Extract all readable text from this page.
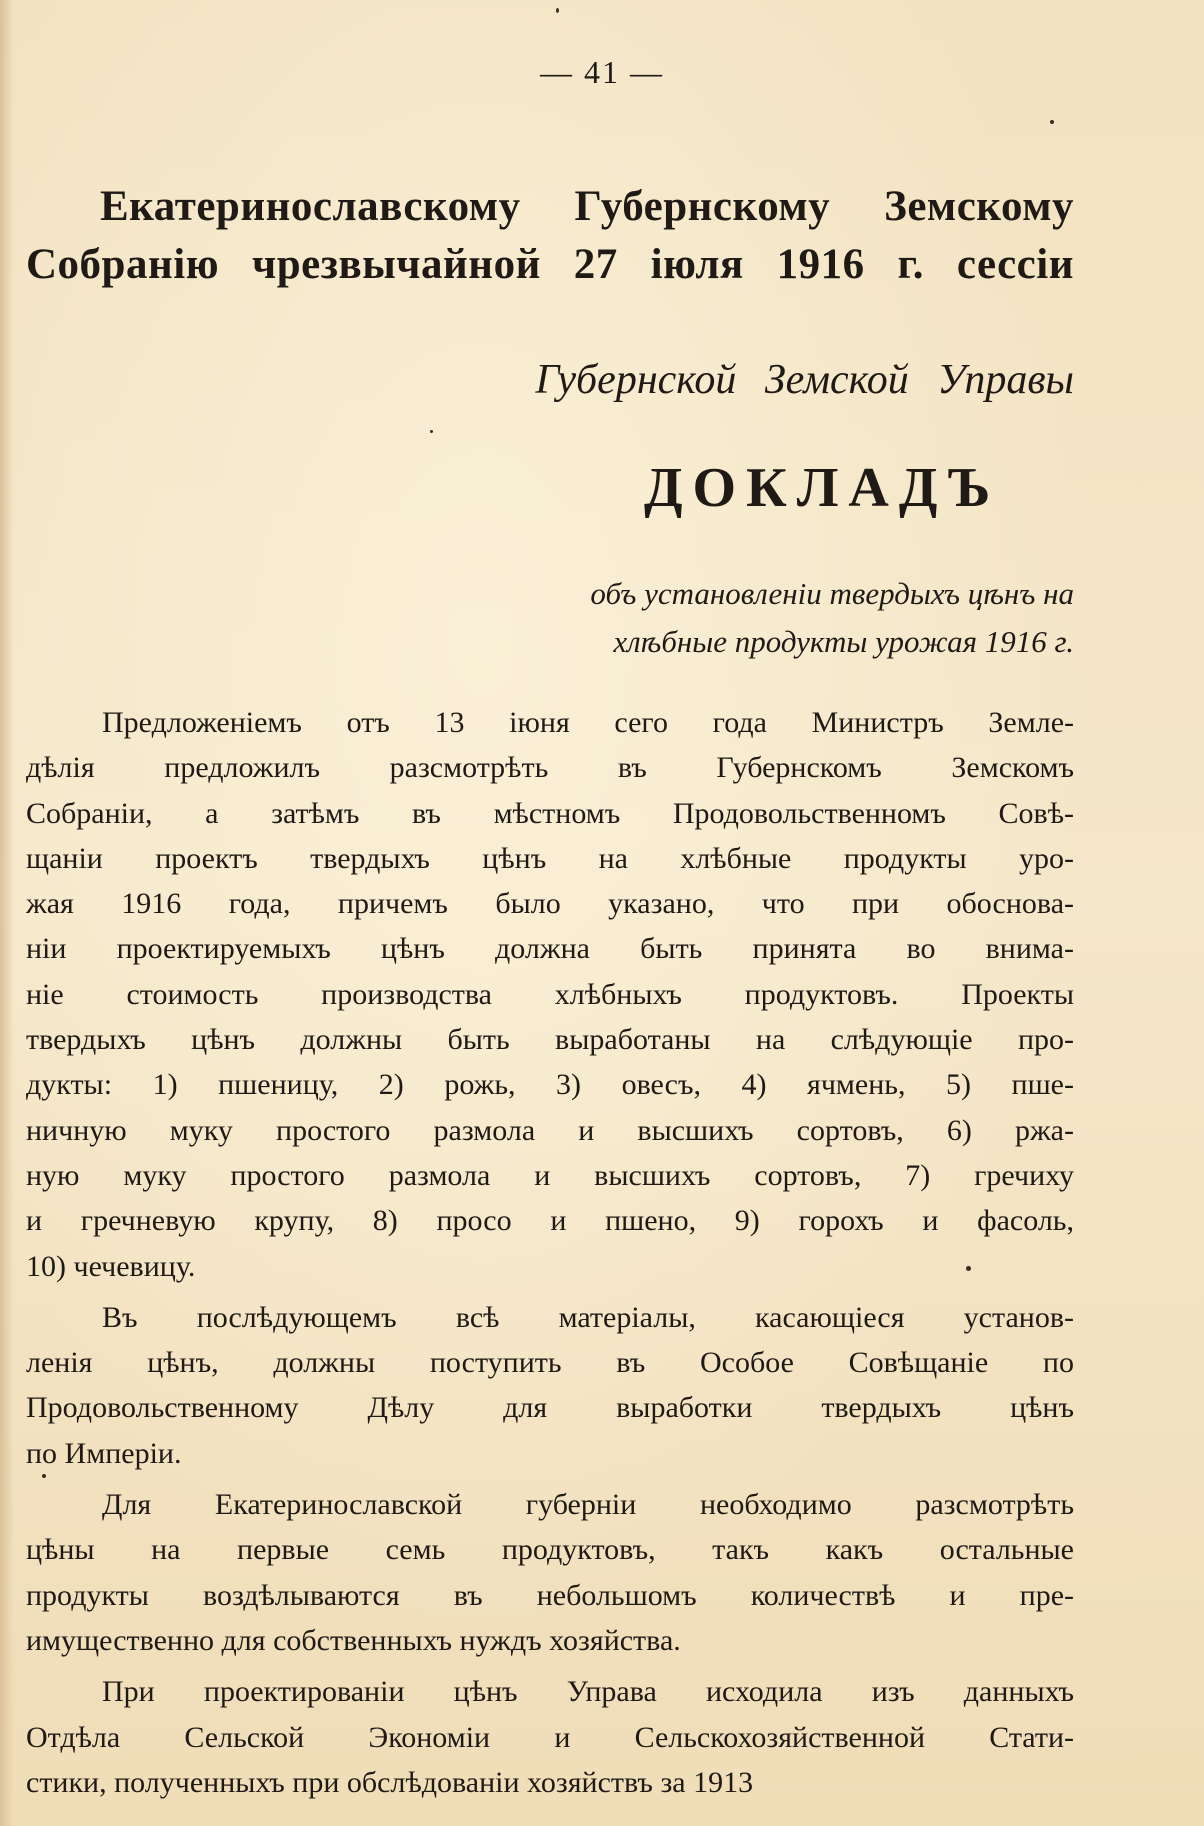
— 41 —
Екатеринославскому Губернскому Земскому
Собранію чрезвычайной 27 іюля 1916 г. сессіи
Губернской Земской Управы
ДОКЛАДЪ
объ установленіи твердыхъ цѣнъ на
хлѣбные продукты урожая 1916 г.

Предложеніемъ отъ 13 іюня сего года Министръ Земле-
дѣлія предложилъ разсмотрѣть въ Губернскомъ Земскомъ
Собраніи, а затѣмъ въ мѣстномъ Продовольственномъ Совѣ-
щаніи проектъ твердыхъ цѣнъ на хлѣбные продукты уро-
жая 1916 года, причемъ было указано, что при обоснова-
ніи проектируемыхъ цѣнъ должна быть принята во внима-
ніе стоимость производства хлѣбныхъ продуктовъ. Проекты
твердыхъ цѣнъ должны быть выработаны на слѣдующіе про-
дукты: 1) пшеницу, 2) рожь, 3) овесъ, 4) ячмень, 5) пше-
ничную муку простого размола и высшихъ сортовъ, 6) ржа-
ную муку простого размола и высшихъ сортовъ, 7) гречиху
и гречневую крупу, 8) просо и пшено, 9) горохъ и фасоль,
10) чечевицу.

Въ послѣдующемъ всѣ матеріалы, касающіеся установ-
ленія цѣнъ, должны поступить въ Особое Совѣщаніе по
Продовольственному Дѣлу для выработки твердыхъ цѣнъ
по Имперіи.

Для Екатеринославской губерніи необходимо разсмотрѣть
цѣны на первые семь продуктовъ, такъ какъ остальные
продукты воздѣлываются въ небольшомъ количествѣ и пре-
имущественно для собственныхъ нуждъ хозяйства.

При проектированіи цѣнъ Управа исходила изъ данныхъ
Отдѣла Сельской Экономіи и Сельскохозяйственной Стати-
стики, полученныхъ при обслѣдованіи хозяйствъ за 1913
